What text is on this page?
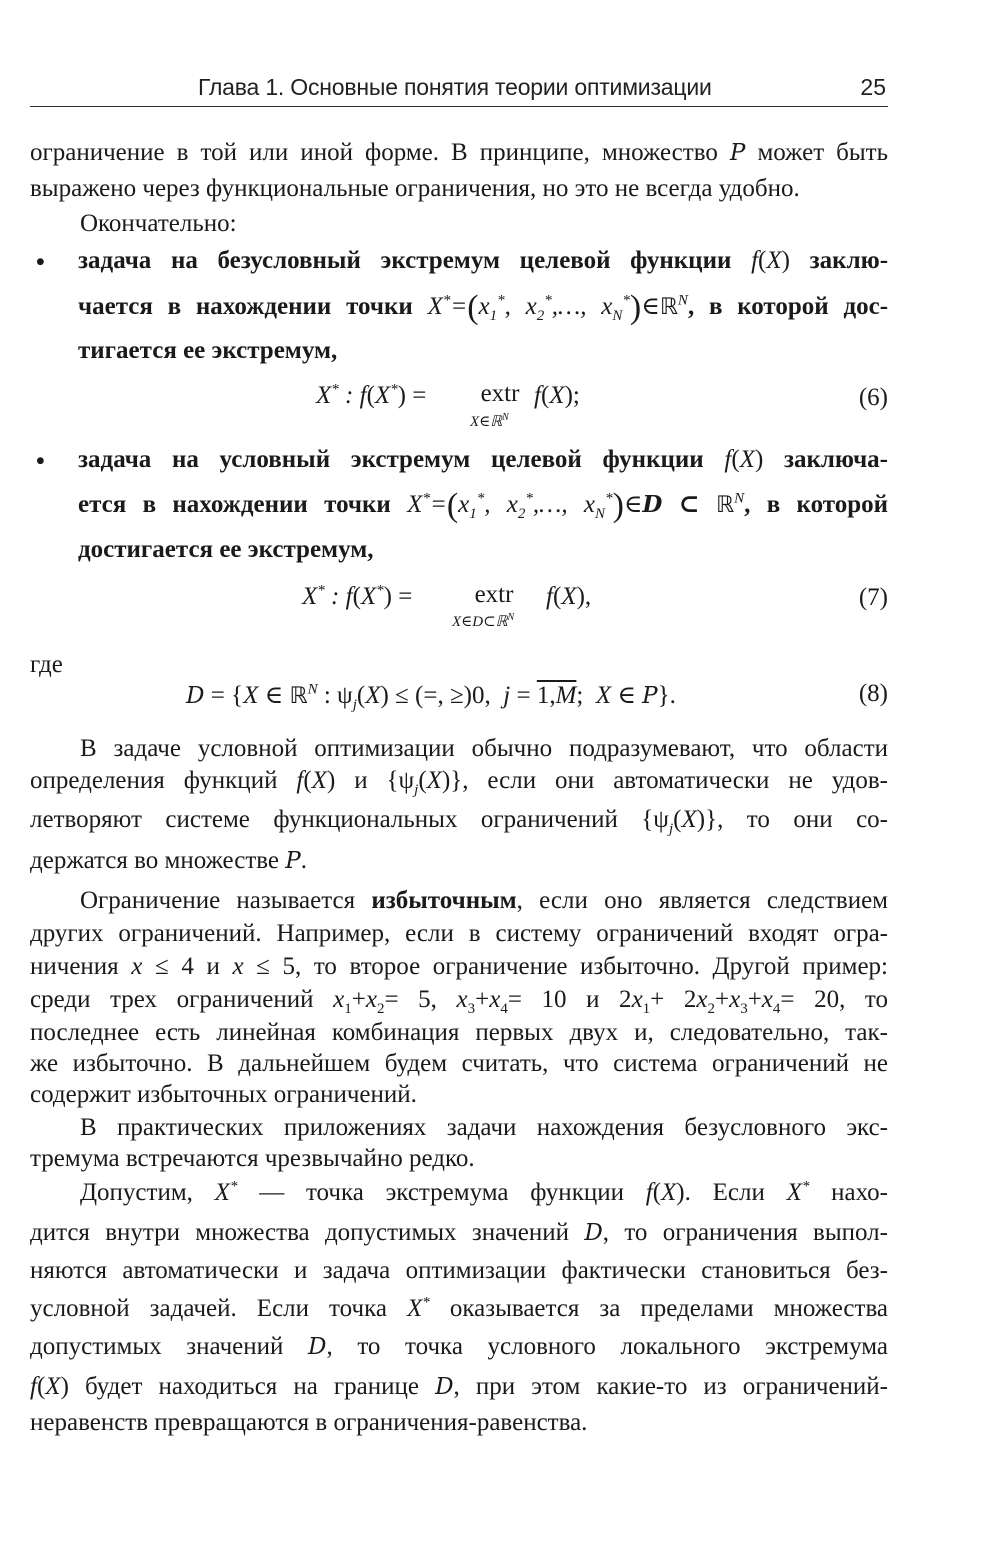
Глава 1. Основные понятия теории оптимизации	25
ограничение в той или иной форме. В принципе, множество P может быть
выражено через функциональные ограничения, но это не всегда удобно.
Окончательно:
• задача на безусловный экстремум целевой функции f(X) заклю-
чается в нахождении точки $X^*=(x_1^*$, $x_2^*,\dots$, $x_N^*)\in ℝ^N$, в которой дос-
тигается ее экстремум,
X* : f(X*) =	extr
X∈ℝ$^N$
f(X);	(6)
• задача на условный экстремум целевой функции f(X) заключа-
ется в нахождении точки $X^*=(x_1^*$, $x_2^*,\dots$, $x_N^*)\in D$ ⊂ ℝ$^N$, в которой
достигается ее экстремум,
X* : f(X*) =	extr
X∈D⊂ℝ$^N$
f(X),	(7)
где
D = {X ∈ ℝ$^N$ : $\psi_j(X)$ ≤ (=, ≥)0,  j = 1,M;  X ∈ P}.	(8)
В задаче условной оптимизации обычно подразумевают, что области
определения функций f(X) и $\{\psi_j(X)\}$, если они автоматически не удов-
летворяют системе функциональных ограничений $\{\psi_j(X)\}$, то они со-
держатся во множестве P.
Ограничение называется избыточным, если оно является следствием
других ограничений. Например, если в систему ограничений входят огра-
ничения x ≤ 4 и x ≤ 5, то второе ограничение избыточно. Другой пример:
среди трех ограничений $x_1+x_2= 5$, $x_3+x_4= 10$ и $2x_1+ 2x_2+x_3+x_4= 20$, то
последнее есть линейная комбинация первых двух и, следовательно, так-
же избыточно. В дальнейшем будем считать, что система ограничений не
содержит избыточных ограничений.
В практических приложениях задачи нахождения безусловного экс-
тремума встречаются чрезвычайно редко.
Допустим, X* — точка экстремума функции f(X). Если X* нахо-
дится внутри множества допустимых значений D, то ограничения выпол-
няются автоматически и задача оптимизации фактически становиться без-
условной задачей. Если точка X* оказывается за пределами множества
допустимых значений D, то точка условного локального экстремума
f(X) будет находиться на границе D, при этом какие-то из ограничений-
неравенств превращаются в ограничения-равенства.
